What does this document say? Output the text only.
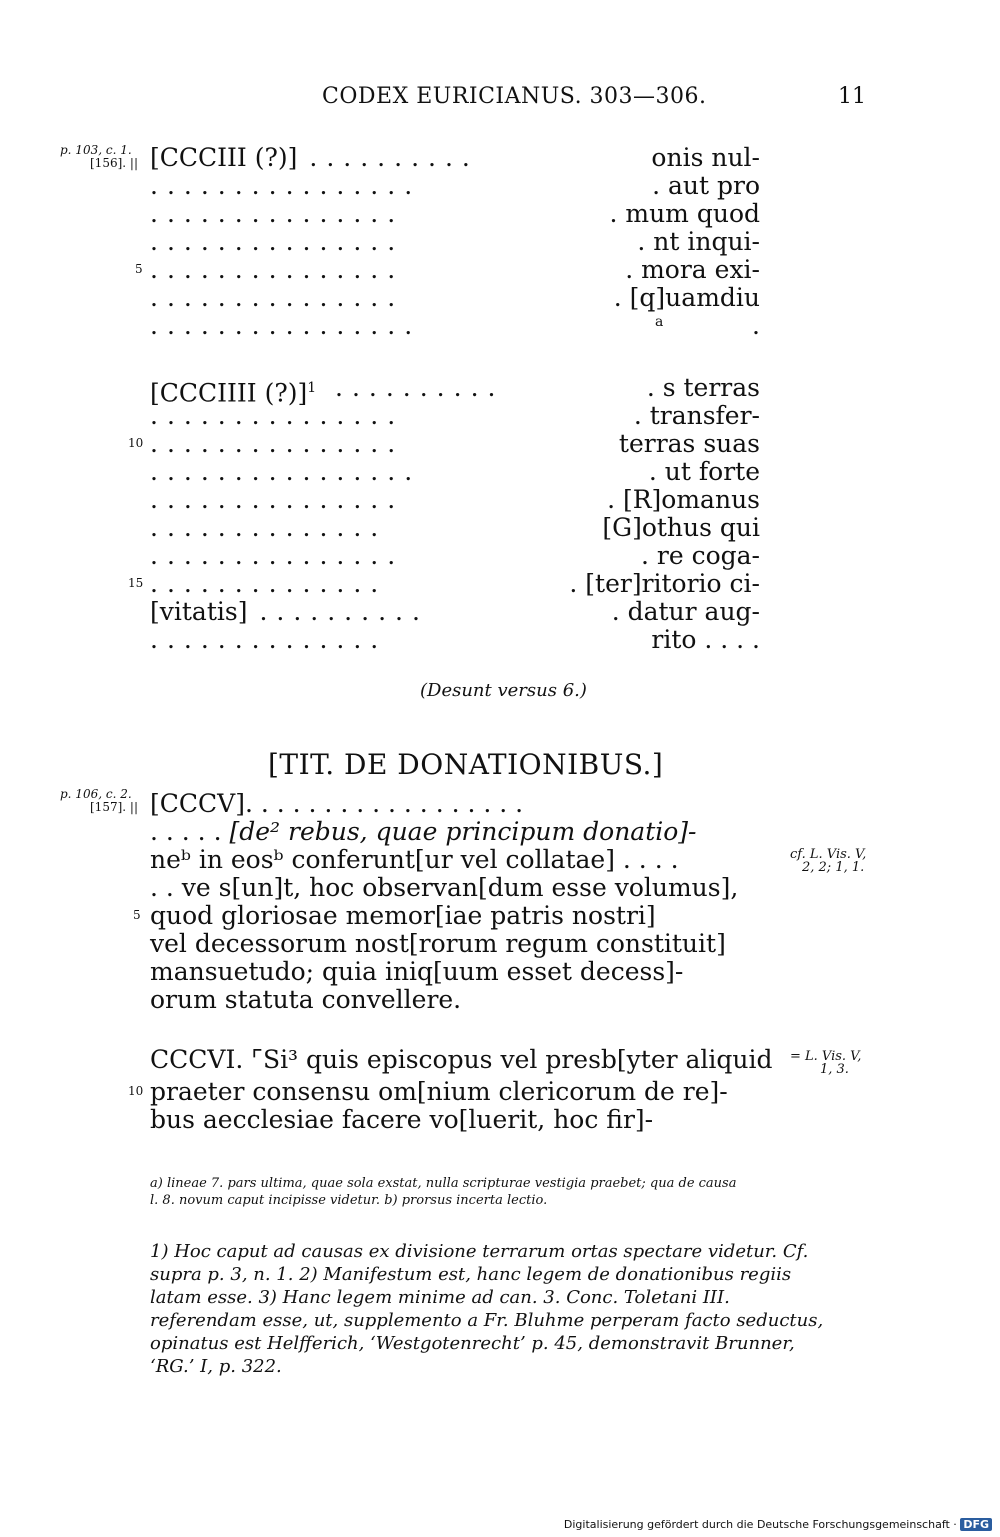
CODEX EURICIANUS. 303—306.	11
p. 103, c. 1.
[156]. || [CCCIII (?)] ..........	onis nul-
................	. aut pro
...............	. mum quod
...............	. nt inqui-
5 ...............	. mora exi-
...............	. [q]uamdiu
................	.
a
[CCCIIII (?)]$^1$ ..........	. s terras
...............	. transfer-
10 ...............	terras suas
................	. ut forte
...............	. [R]omanus
..............	[G]othus qui
...............	. re coga-
15 ..............	. [ter]ritorio ci-
[vitatis] ..........	. datur aug-
..............	rito . . . .
(Desunt versus 6.)
[TIT. DE DONATIONIBUS.]
p. 106, c. 2.
[157]. || [CCCV]. . . . . . . . . . . . . . . . . .
. . . . . [de² rebus, quae principum donatio]-
neᵇ in eosᵇ conferunt[ur vel collatae] . . . .
. . ve s[un]t, hoc observan[dum esse volumus],
5 quod gloriosae memor[iae patris nostri]
vel decessorum nost[rorum regum constituit]
mansuetudo; quia iniq[uum esset decess]-
orum statuta convellere.
cf. L. Vis. V,
2, 2; 1, 1.
CCCVI. ⌜Si³ quis episcopus vel presb[yter aliquid
10 praeter consensu om[nium clericorum de re]-
bus aecclesiae facere vo[luerit, hoc fir]-
= L. Vis. V,
1, 3.
a) lineae 7. pars ultima, quae sola exstat, nulla scripturae vestigia praebet; qua de causa
l. 8. novum caput incipisse videtur. b) prorsus incerta lectio.
1) Hoc caput ad causas ex divisione terrarum ortas spectare videtur. Cf.
supra p. 3, n. 1. 2) Manifestum est, hanc legem de donationibus regiis
latam esse. 3) Hanc legem minime ad can. 3. Conc. Toletani III.
referendam esse, ut, supplemento a Fr. Bluhme perperam facto seductus,
opinatus est Helfferich, ‘Westgotenrecht’ p. 45, demonstravit Brunner,
‘RG.’ I, p. 322.
Digitalisierung gefördert durch die Deutsche Forschungsgemeinschaft · DFG
